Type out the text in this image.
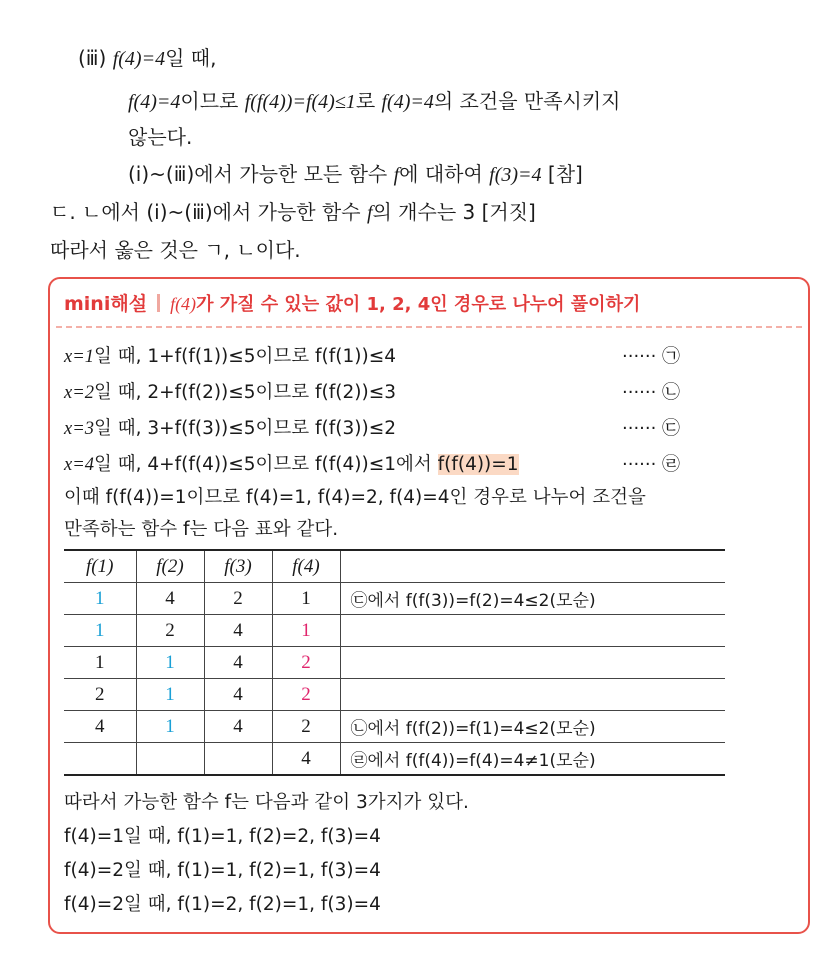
(ⅲ) f(4)=4일 때,
f(4)=4이므로 f(f(4))=f(4)≤1로 f(4)=4의 조건을 만족시키지
않는다.
(ⅰ)~(ⅲ)에서 가능한 모든 함수 f에 대하여 f(3)=4 [참]
ㄷ. ㄴ에서 (ⅰ)~(ⅲ)에서 가능한 함수 f의 개수는 3 [거짓]
따라서 옳은 것은 ㄱ, ㄴ이다.
mini해설 f(4)가 가질 수 있는 값이 1, 2, 4인 경우로 나누어 풀이하기
x=1일 때, 1+f(f(1))≤5이므로 f(f(1))≤4	······ ㉠
x=2일 때, 2+f(f(2))≤5이므로 f(f(2))≤3	······ ㉡
x=3일 때, 3+f(f(3))≤5이므로 f(f(3))≤2	······ ㉢
x=4일 때, 4+f(f(4))≤5이므로 f(f(4))≤1에서 f(f(4))=1	······ ㉣
이때 f(f(4))=1이므로 f(4)=1, f(4)=2, f(4)=4인 경우로 나누어 조건을
만족하는 함수 f는 다음 표와 같다.
f(1)	f(2)	f(3)	f(4)	
1	4	2	1	㉢에서 f(f(3))=f(2)=4≤2(모순)
1	2	4	1	
1	1	4	2	
2	1	4	2	
4	1	4	2	㉡에서 f(f(2))=f(1)=4≤2(모순)
			4	㉣에서 f(f(4))=f(4)=4≠1(모순)
따라서 가능한 함수 f는 다음과 같이 3가지가 있다.
f(4)=1일 때, f(1)=1, f(2)=2, f(3)=4
f(4)=2일 때, f(1)=1, f(2)=1, f(3)=4
f(4)=2일 때, f(1)=2, f(2)=1, f(3)=4
